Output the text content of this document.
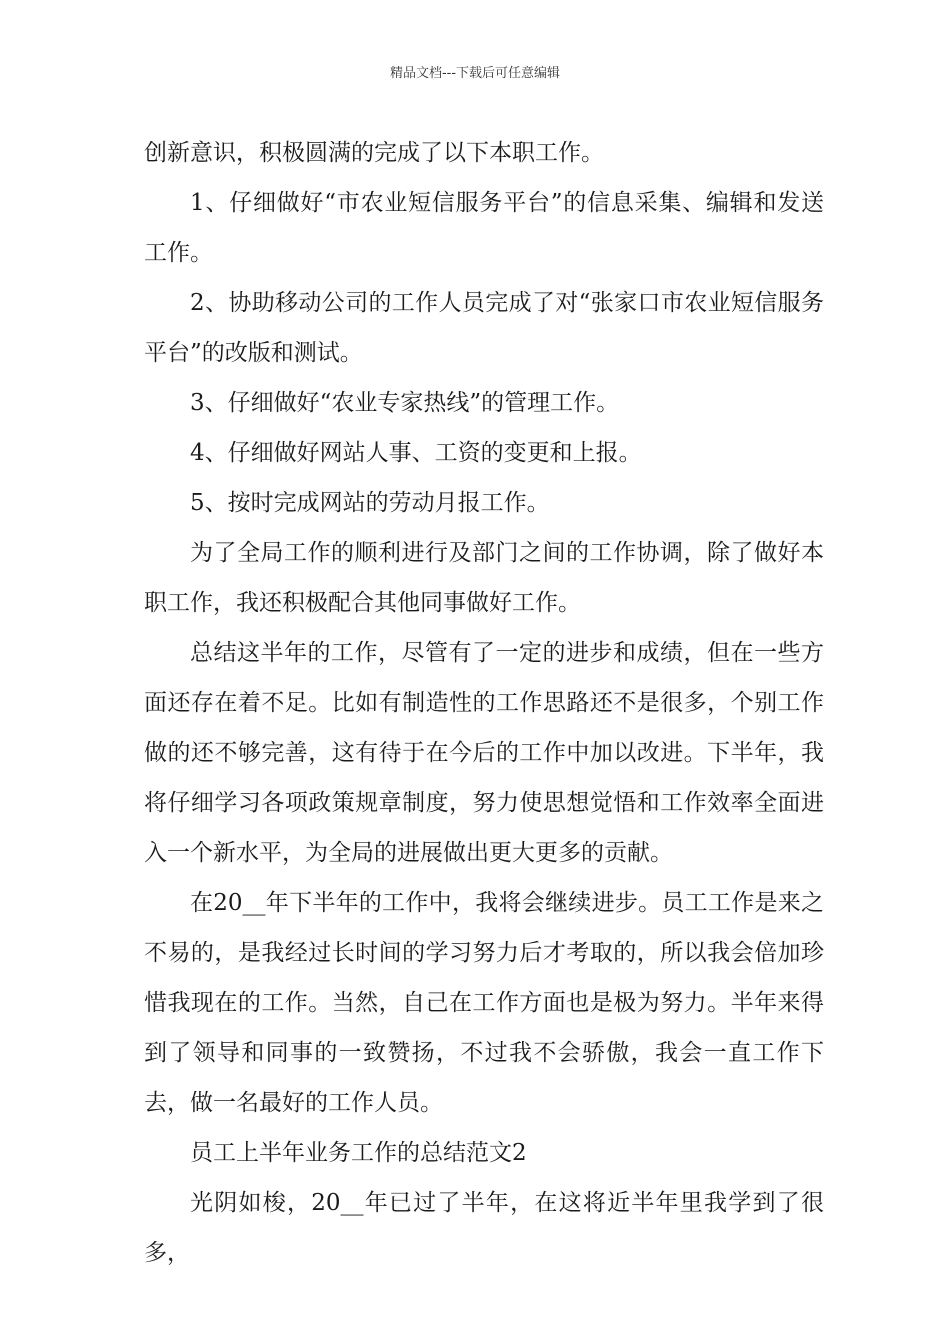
精品文档---下载后可任意编辑

创新意识，积极圆满的完成了以下本职工作。

1、仔细做好“市农业短信服务平台”的信息采集、编辑和发送工作。

2、协助移动公司的工作人员完成了对“张家口市农业短信服务平台”的改版和测试。

3、仔细做好“农业专家热线”的管理工作。

4、仔细做好网站人事、工资的变更和上报。

5、按时完成网站的劳动月报工作。

为了全局工作的顺利进行及部门之间的工作协调，除了做好本职工作，我还积极配合其他同事做好工作。

总结这半年的工作，尽管有了一定的进步和成绩，但在一些方面还存在着不足。比如有制造性的工作思路还不是很多，个别工作做的还不够完善，这有待于在今后的工作中加以改进。下半年，我将仔细学习各项政策规章制度，努力使思想觉悟和工作效率全面进入一个新水平，为全局的进展做出更大更多的贡献。

在20__年下半年的工作中，我将会继续进步。员工工作是来之不易的，是我经过长时间的学习努力后才考取的，所以我会倍加珍惜我现在的工作。当然，自己在工作方面也是极为努力。半年来得到了领导和同事的一致赞扬，不过我不会骄傲，我会一直工作下去，做一名最好的工作人员。

员工上半年业务工作的总结范文2

光阴如梭，20__年已过了半年，在这将近半年里我学到了很多，
